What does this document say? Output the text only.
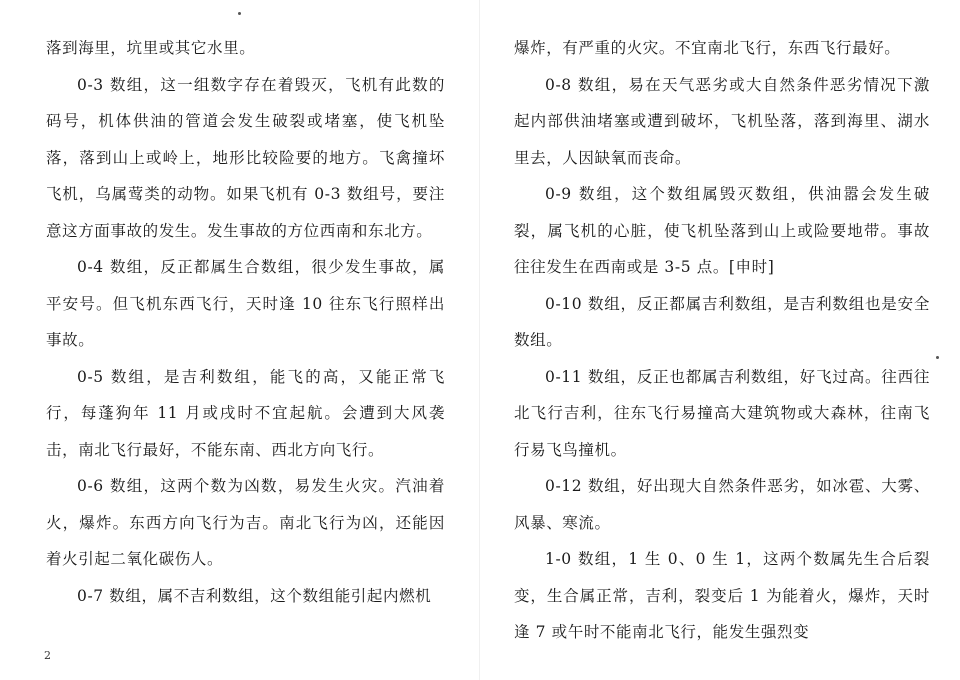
落到海里，坑里或其它水里。

0-3 数组，这一组数字存在着毁灭，飞机有此数的码号，机体供油的管道会发生破裂或堵塞，使飞机坠落，落到山上或岭上，地形比较险要的地方。飞禽撞坏飞机，乌属莺类的动物。如果飞机有 0-3 数组号，要注意这方面事故的发生。发生事故的方位西南和东北方。

0-4 数组，反正都属生合数组，很少发生事故，属平安号。但飞机东西飞行，天时逢 10 往东飞行照样出事故。

0-5 数组，是吉利数组，能飞的高，又能正常飞行，每蓬狗年 11 月或戌时不宜起航。会遭到大风袭击，南北飞行最好，不能东南、西北方向飞行。

0-6 数组，这两个数为凶数，易发生火灾。汽油着火，爆炸。东西方向飞行为吉。南北飞行为凶，还能因着火引起二氧化碳伤人。

0-7 数组，属不吉利数组，这个数组能引起内燃机

2

爆炸，有严重的火灾。不宜南北飞行，东西飞行最好。

0-8 数组，易在天气恶劣或大自然条件恶劣情况下激起内部供油堵塞或遭到破坏，飞机坠落，落到海里、湖水里去，人因缺氧而丧命。

0-9 数组，这个数组属毁灭数组，供油嚣会发生破裂，属飞机的心脏，使飞机坠落到山上或险要地带。事故往往发生在西南或是 3-5 点。[申时]

0-10 数组，反正都属吉利数组，是吉利数组也是安全数组。

0-11 数组，反正也都属吉利数组，好飞过高。往西往北飞行吉利，往东飞行易撞高大建筑物或大森林，往南飞行易飞鸟撞机。

0-12 数组，好出现大自然条件恶劣，如冰雹、大雾、风暴、寒流。

1-0 数组，1 生 0、0 生 1，这两个数属先生合后裂变，生合属正常，吉利，裂变后 1 为能着火，爆炸，天时逢 7 或午时不能南北飞行，能发生强烈变
